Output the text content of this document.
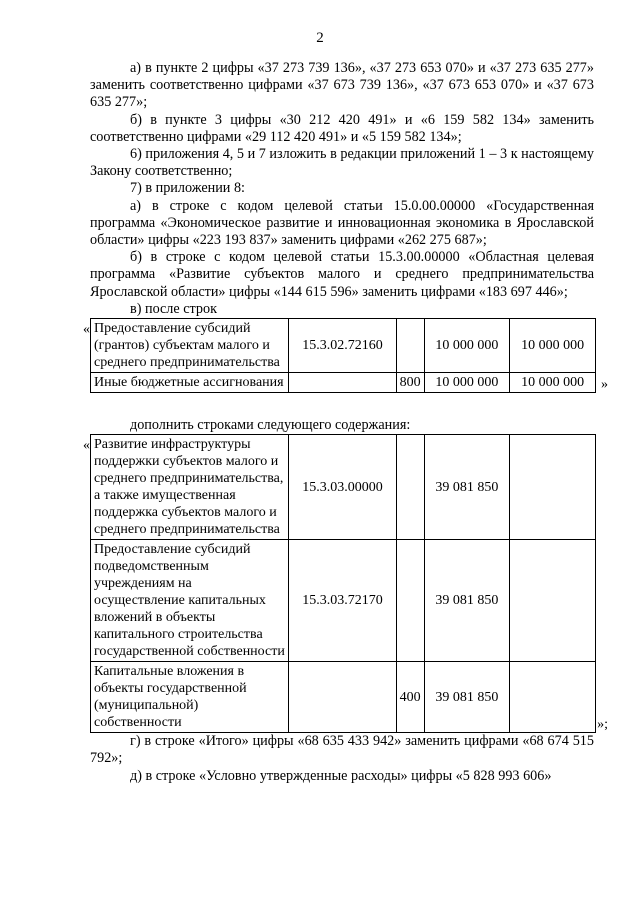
2

а) в пункте 2 цифры «37 273 739 136», «37 273 653 070» и «37 273 635 277» заменить соответственно цифрами «37 673 739 136», «37 673 653 070» и «37 673 635 277»;

б) в пункте 3 цифры «30 212 420 491» и «6 159 582 134» заменить соответственно цифрами «29 112 420 491» и «5 159 582 134»;

6) приложения 4, 5 и 7 изложить в редакции приложений 1 – 3 к настоящему Закону соответственно;

7) в приложении 8:

а) в строке с кодом целевой статьи 15.0.00.00000 «Государственная программа «Экономическое развитие и инновационная экономика в Ярославской области» цифры «223 193 837» заменить цифрами «262 275 687»;

б) в строке с кодом целевой статьи 15.3.00.00000 «Областная целевая программа «Развитие субъектов малого и среднего предпринимательства Ярославской области» цифры «144 615 596» заменить цифрами «183 697 446»;

в) после строк

« Предоставление субсидий (грантов) субъектам малого и среднего предпринимательства	15.3.02.72160		10 000 000	10 000 000
Иные бюджетные ассигнования		800	10 000 000	10 000 000 »

дополнить строками следующего содержания:

« Развитие инфраструктуры поддержки субъектов малого и среднего предпринимательства, а также имущественная поддержка субъектов малого и среднего предпринимательства	15.3.03.00000		39 081 850	
Предоставление субсидий подведомственным учреждениям на осуществление капитальных вложений в объекты капитального строительства государственной собственности	15.3.03.72170		39 081 850	
Капитальные вложения в объекты государственной (муниципальной) собственности		400	39 081 850	
»;

г) в строке «Итого» цифры «68 635 433 942» заменить цифрами «68 674 515 792»;

д) в строке «Условно утвержденные расходы» цифры «5 828 993 606»
